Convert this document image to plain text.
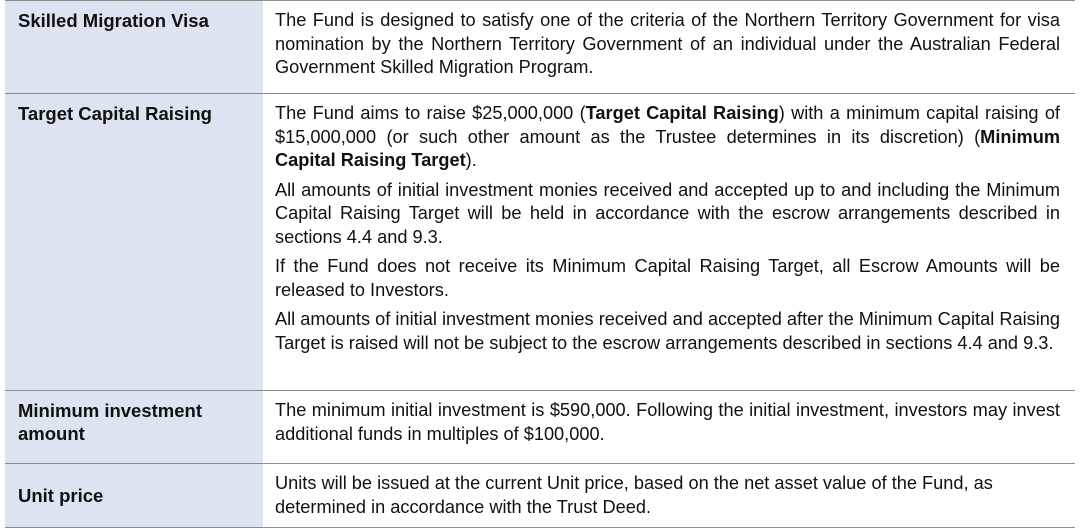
Skilled Migration Visa	The Fund is designed to satisfy one of the criteria of the Northern Territory Government for visa nomination by the Northern Territory Government of an individual under the Australian Federal Government Skilled Migration Program.

Target Capital Raising	The Fund aims to raise $25,000,000 (Target Capital Raising) with a minimum capital raising of $15,000,000 (or such other amount as the Trustee determines in its discretion) (Minimum Capital Raising Target).

All amounts of initial investment monies received and accepted up to and including the Minimum Capital Raising Target will be held in accordance with the escrow arrangements described in sections 4.4 and 9.3.

If the Fund does not receive its Minimum Capital Raising Target, all Escrow Amounts will be released to Investors.

All amounts of initial investment monies received and accepted after the Minimum Capital Raising Target is raised will not be subject to the escrow arrangements described in sections 4.4 and 9.3.

Minimum investment amount	The minimum initial investment is $590,000. Following the initial investment, investors may invest additional funds in multiples of $100,000.

Unit price	Units will be issued at the current Unit price, based on the net asset value of the Fund, as determined in accordance with the Trust Deed.
